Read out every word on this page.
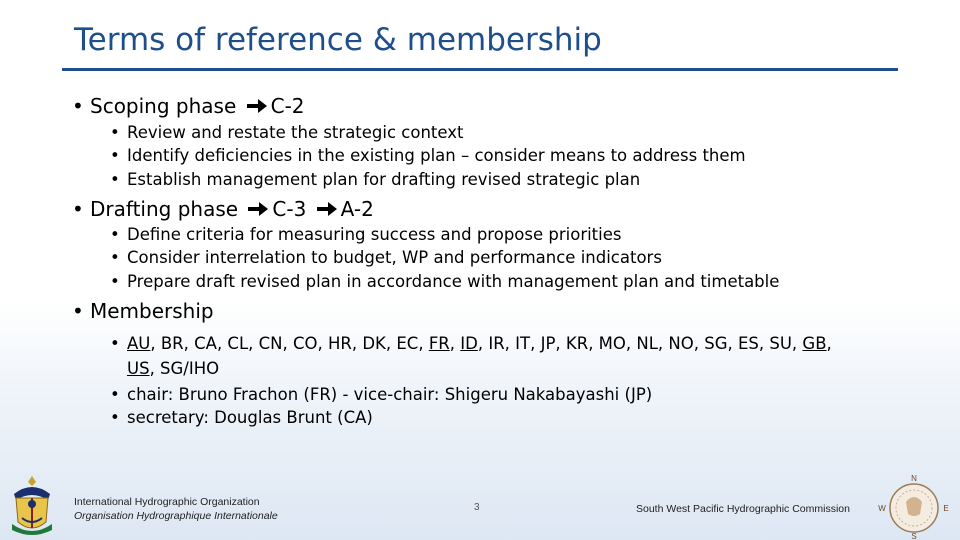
Terms of reference & membership
• Scoping phase C-2
• Review and restate the strategic context
• Identify deficiencies in the existing plan – consider means to address them
• Establish management plan for drafting revised strategic plan
• Drafting phase C-3 A-2
• Define criteria for measuring success and propose priorities
• Consider interrelation to budget, WP and performance indicators
• Prepare draft revised plan in accordance with management plan and timetable
• Membership
• AU, BR, CA, CL, CN, CO, HR, DK, EC, FR, ID, IR, IT, JP, KR, MO, NL, NO, SG, ES, SU, GB,
US, SG/IHO
• chair: Bruno Frachon (FR) - vice-chair: Shigeru Nakabayashi (JP)
• secretary: Douglas Brunt (CA)
International Hydrographic Organization
Organisation Hydrographique Internationale
3	South West Pacific Hydrographic Commission
N
S
E
W
